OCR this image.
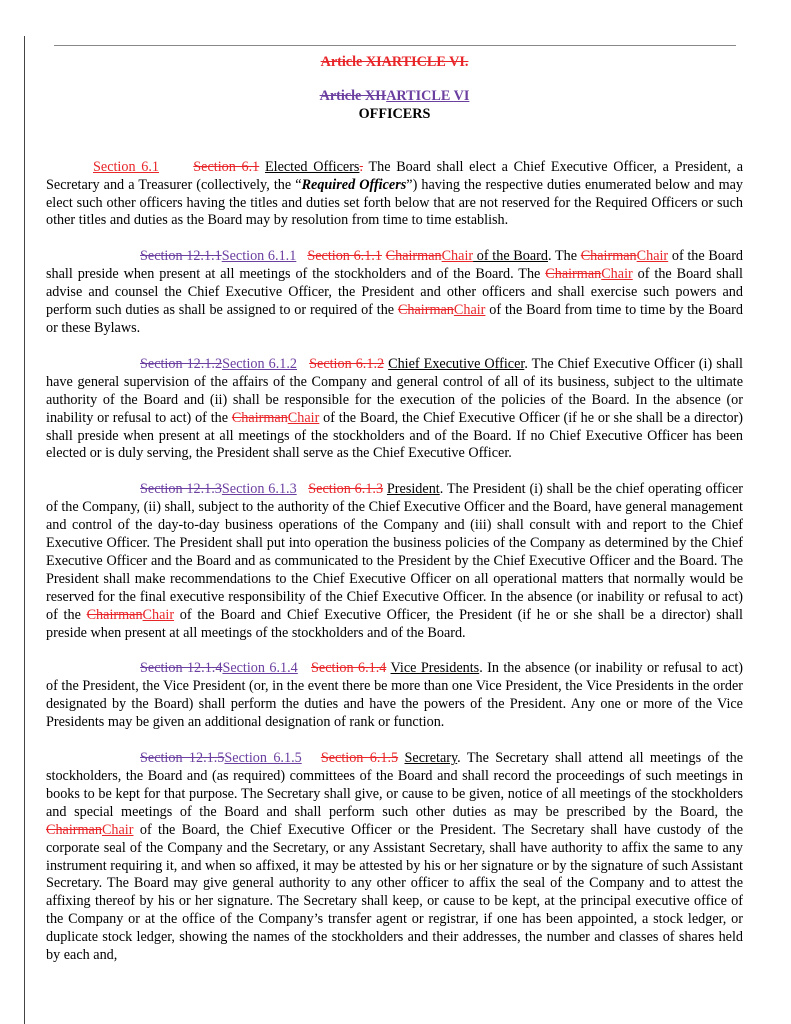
Article XIARTICLE VI.
Article XIIARTICLE VI
OFFICERS

Section 6.1 Section 6.1 Elected Officers. The Board shall elect a Chief Executive Officer, a President, a Secretary and a Treasurer (collectively, the “Required Officers”) having the respective duties enumerated below and may elect such other officers having the titles and duties set forth below that are not reserved for the Required Officers or such other titles and duties as the Board may by resolution from time to time establish.

Section 12.1.1Section 6.1.1 Section 6.1.1 ChairmanChair of the Board. The ChairmanChair of the Board shall preside when present at all meetings of the stockholders and of the Board. The ChairmanChair of the Board shall advise and counsel the Chief Executive Officer, the President and other officers and shall exercise such powers and perform such duties as shall be assigned to or required of the ChairmanChair of the Board from time to time by the Board or these Bylaws.

Section 12.1.2Section 6.1.2 Section 6.1.2 Chief Executive Officer. The Chief Executive Officer (i) shall have general supervision of the affairs of the Company and general control of all of its business, subject to the ultimate authority of the Board and (ii) shall be responsible for the execution of the policies of the Board. In the absence (or inability or refusal to act) of the ChairmanChair of the Board, the Chief Executive Officer (if he or she shall be a director) shall preside when present at all meetings of the stockholders and of the Board. If no Chief Executive Officer has been elected or is duly serving, the President shall serve as the Chief Executive Officer.

Section 12.1.3Section 6.1.3 Section 6.1.3 President. The President (i) shall be the chief operating officer of the Company, (ii) shall, subject to the authority of the Chief Executive Officer and the Board, have general management and control of the day-to-day business operations of the Company and (iii) shall consult with and report to the Chief Executive Officer. The President shall put into operation the business policies of the Company as determined by the Chief Executive Officer and the Board and as communicated to the President by the Chief Executive Officer and the Board. The President shall make recommendations to the Chief Executive Officer on all operational matters that normally would be reserved for the final executive responsibility of the Chief Executive Officer. In the absence (or inability or refusal to act) of the ChairmanChair of the Board and Chief Executive Officer, the President (if he or she shall be a director) shall preside when present at all meetings of the stockholders and of the Board.

Section 12.1.4Section 6.1.4 Section 6.1.4 Vice Presidents. In the absence (or inability or refusal to act) of the President, the Vice President (or, in the event there be more than one Vice President, the Vice Presidents in the order designated by the Board) shall perform the duties and have the powers of the President. Any one or more of the Vice Presidents may be given an additional designation of rank or function.

Section 12.1.5Section 6.1.5 Section 6.1.5 Secretary. The Secretary shall attend all meetings of the stockholders, the Board and (as required) committees of the Board and shall record the proceedings of such meetings in books to be kept for that purpose. The Secretary shall give, or cause to be given, notice of all meetings of the stockholders and special meetings of the Board and shall perform such other duties as may be prescribed by the Board, the ChairmanChair of the Board, the Chief Executive Officer or the President. The Secretary shall have custody of the corporate seal of the Company and the Secretary, or any Assistant Secretary, shall have authority to affix the same to any instrument requiring it, and when so affixed, it may be attested by his or her signature or by the signature of such Assistant Secretary. The Board may give general authority to any other officer to affix the seal of the Company and to attest the affixing thereof by his or her signature. The Secretary shall keep, or cause to be kept, at the principal executive office of the Company or at the office of the Company’s transfer agent or registrar, if one has been appointed, a stock ledger, or duplicate stock ledger, showing the names of the stockholders and their addresses, the number and classes of shares held by each and,
